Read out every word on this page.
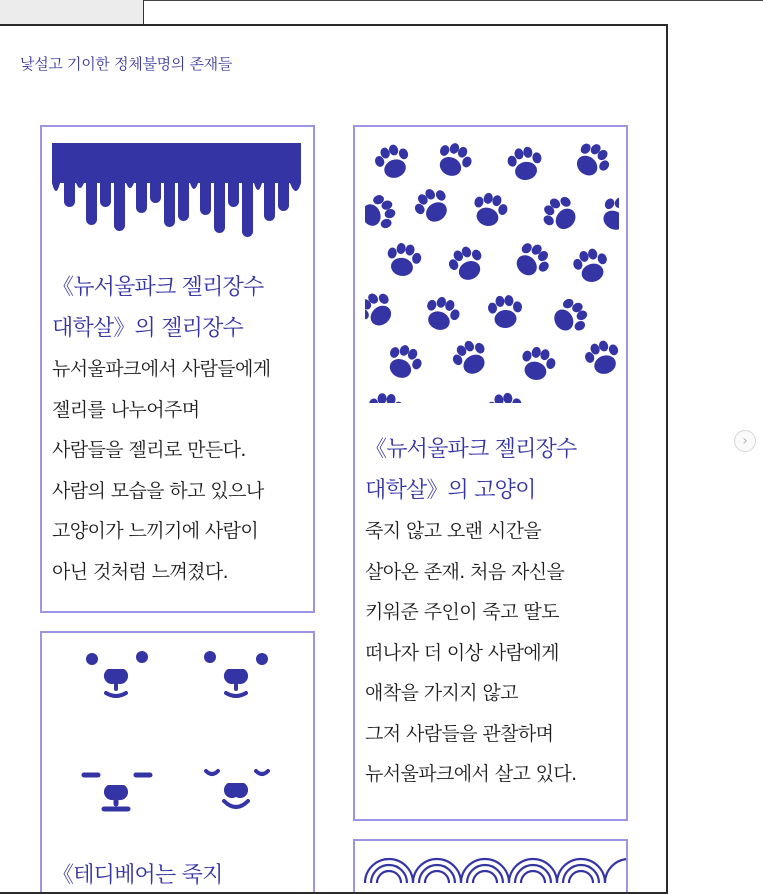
›
낯설고 기이한 정체불명의 존재들
《뉴서울파크 젤리장수
대학살》의 젤리장수
뉴서울파크에서 사람들에게
젤리를 나누어주며
사람들을 젤리로 만든다.
사람의 모습을 하고 있으나
고양이가 느끼기에 사람이
아닌 것처럼 느껴졌다.
《뉴서울파크 젤리장수
대학살》의 고양이
죽지 않고 오랜 시간을
살아온 존재. 처음 자신을
키워준 주인이 죽고 딸도
떠나자 더 이상 사람에게
애착을 가지지 않고
그저 사람들을 관찰하며
뉴서울파크에서 살고 있다.
《테디베어는 죽지
